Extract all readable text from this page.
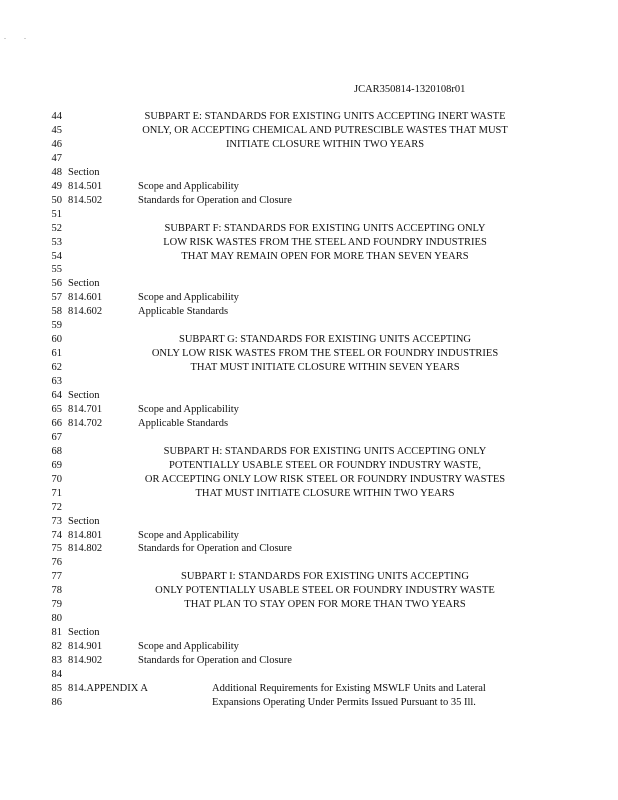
. .
JCAR350814-1320108r01
44	SUBPART E: STANDARDS FOR EXISTING UNITS ACCEPTING INERT WASTE
45	ONLY, OR ACCEPTING CHEMICAL AND PUTRESCIBLE WASTES THAT MUST
46	INITIATE CLOSURE WITHIN TWO YEARS
47
48 Section
49 814.501	Scope and Applicability
50 814.502	Standards for Operation and Closure
51
52	SUBPART F: STANDARDS FOR EXISTING UNITS ACCEPTING ONLY
53	LOW RISK WASTES FROM THE STEEL AND FOUNDRY INDUSTRIES
54	THAT MAY REMAIN OPEN FOR MORE THAN SEVEN YEARS
55
56 Section
57 814.601	Scope and Applicability
58 814.602	Applicable Standards
59
60	SUBPART G: STANDARDS FOR EXISTING UNITS ACCEPTING
61	ONLY LOW RISK WASTES FROM THE STEEL OR FOUNDRY INDUSTRIES
62	THAT MUST INITIATE CLOSURE WITHIN SEVEN YEARS
63
64 Section
65 814.701	Scope and Applicability
66 814.702	Applicable Standards
67
68	SUBPART H: STANDARDS FOR EXISTING UNITS ACCEPTING ONLY
69	POTENTIALLY USABLE STEEL OR FOUNDRY INDUSTRY WASTE,
70	OR ACCEPTING ONLY LOW RISK STEEL OR FOUNDRY INDUSTRY WASTES
71	THAT MUST INITIATE CLOSURE WITHIN TWO YEARS
72
73 Section
74 814.801	Scope and Applicability
75 814.802	Standards for Operation and Closure
76
77	SUBPART I: STANDARDS FOR EXISTING UNITS ACCEPTING
78	ONLY POTENTIALLY USABLE STEEL OR FOUNDRY INDUSTRY WASTE
79	THAT PLAN TO STAY OPEN FOR MORE THAN TWO YEARS
80
81 Section
82 814.901	Scope and Applicability
83 814.902	Standards for Operation and Closure
84
85 814.APPENDIX A	Additional Requirements for Existing MSWLF Units and Lateral
86	Expansions Operating Under Permits Issued Pursuant to 35 Ill.
